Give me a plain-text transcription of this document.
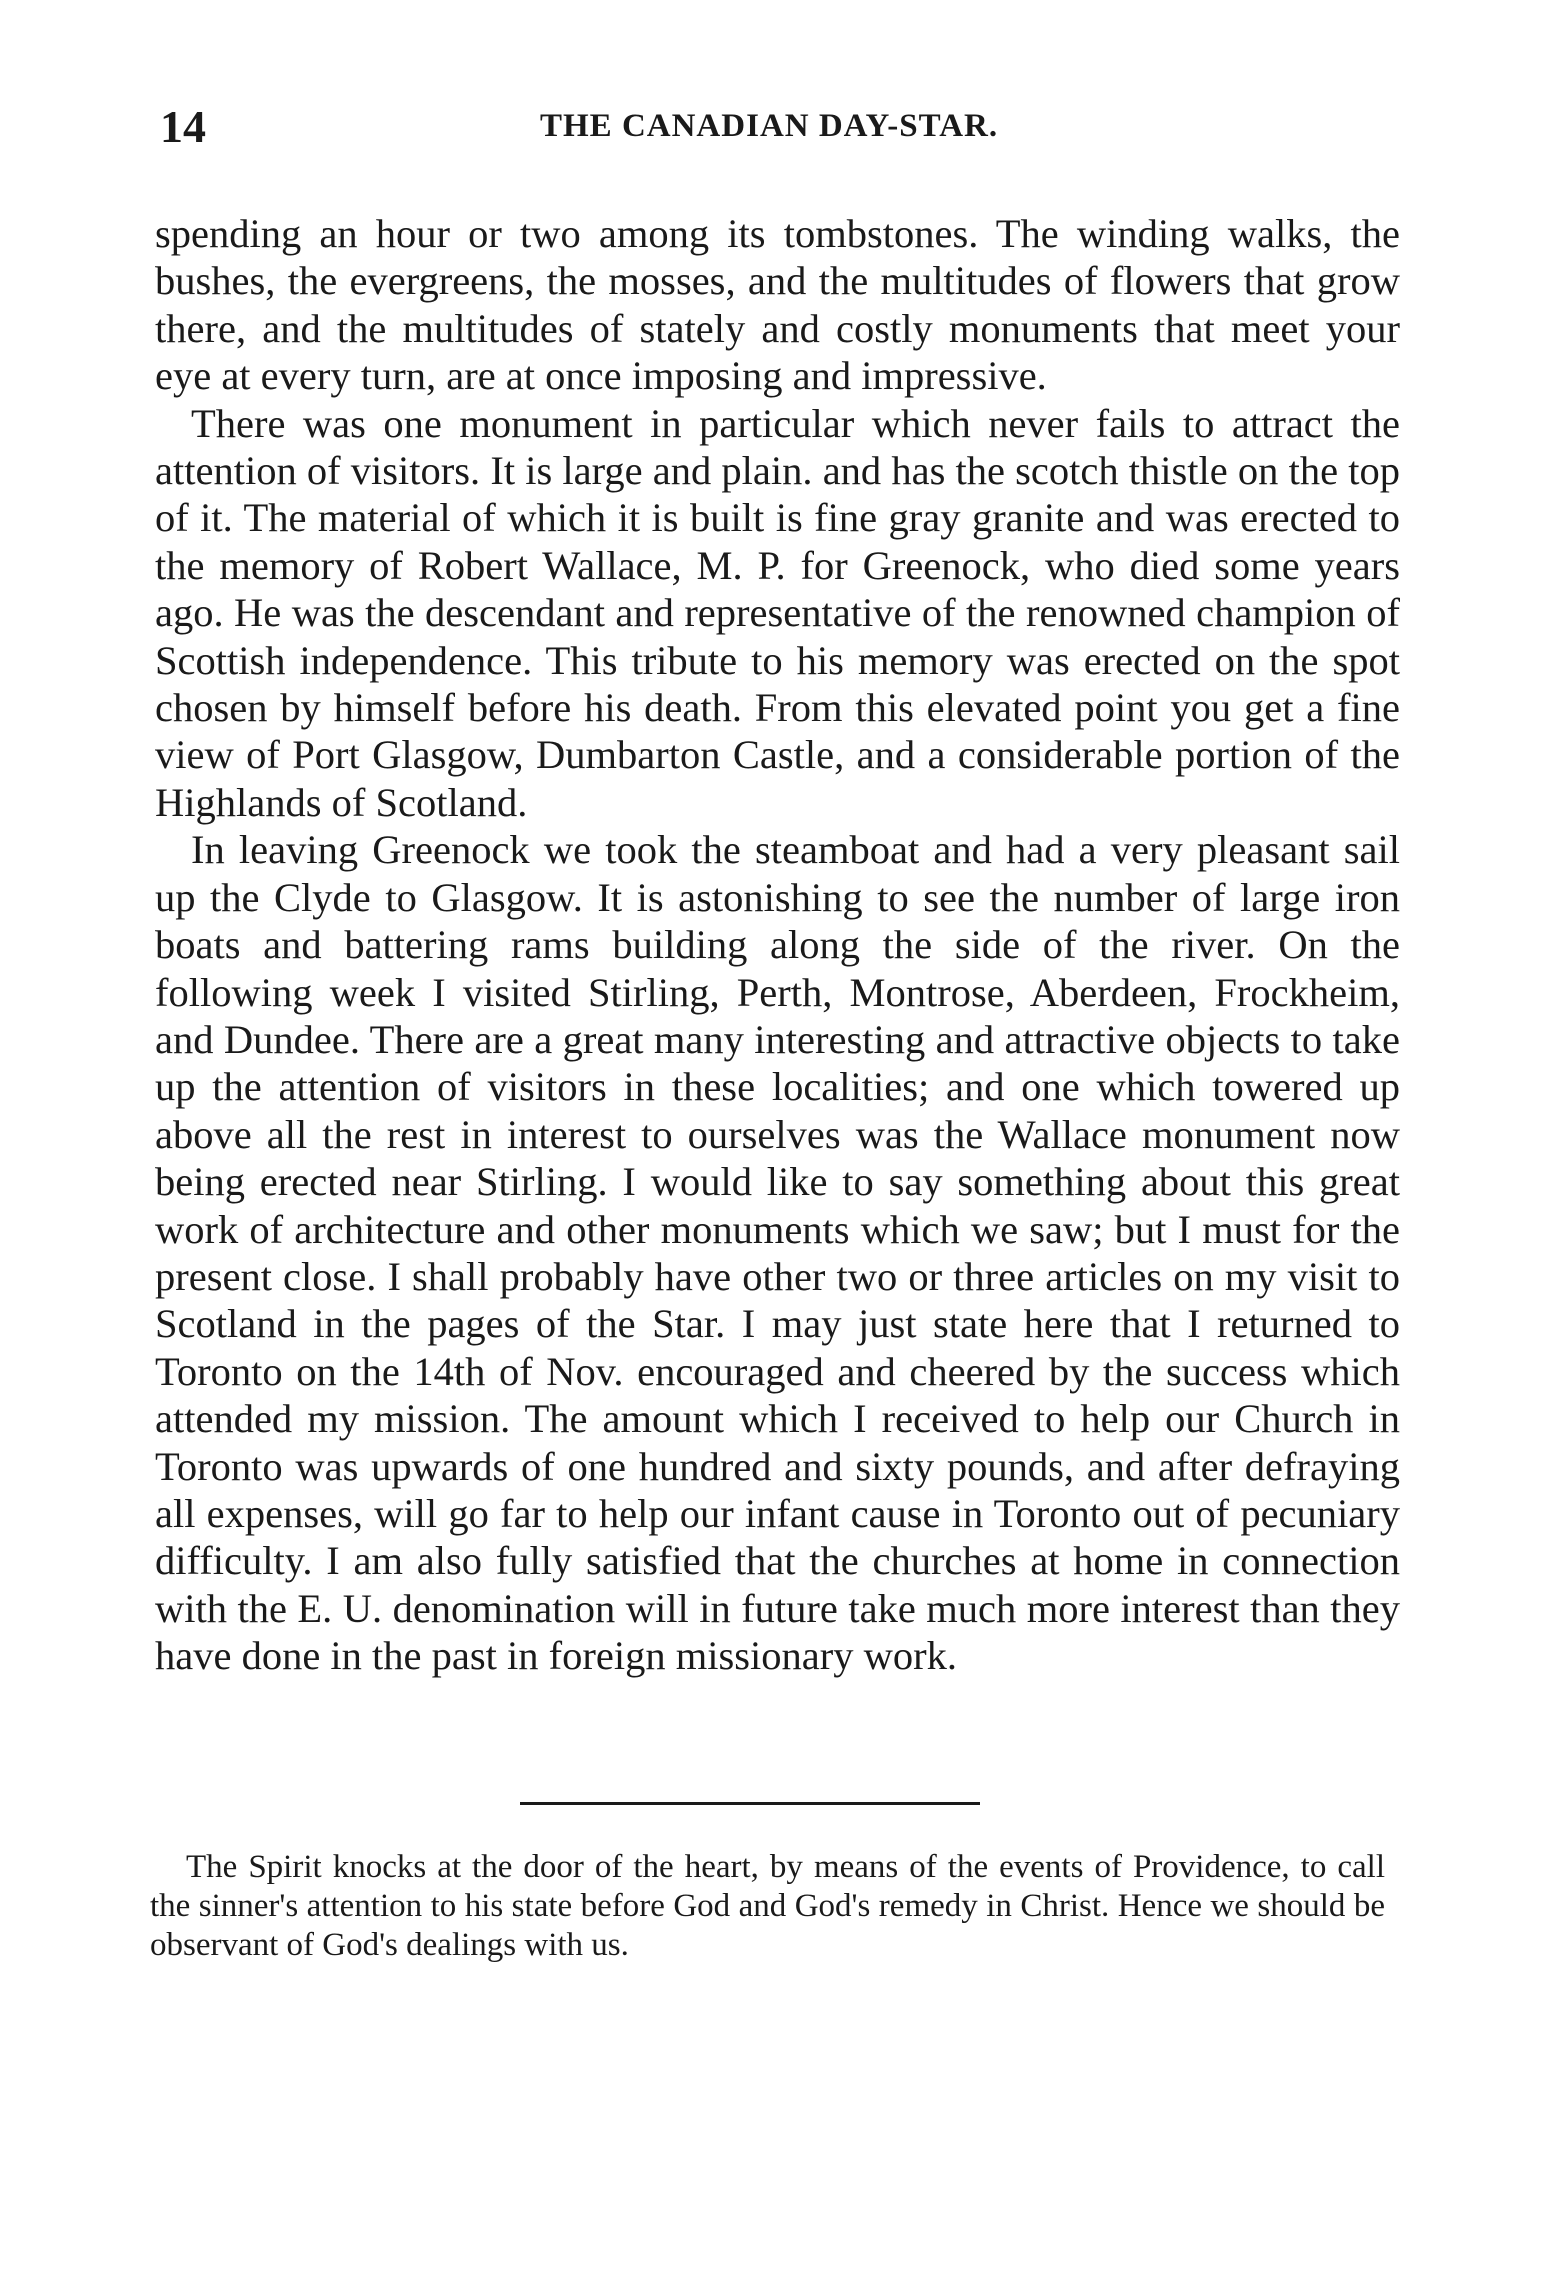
14	THE CANADIAN DAY-STAR.

spending an hour or two among its tombstones. The winding walks, the bushes, the evergreens, the mosses, and the multitudes of flowers that grow there, and the multitudes of stately and costly monuments that meet your eye at every turn, are at once imposing and impressive.

There was one monument in particular which never fails to attract the attention of visitors. It is large and plain. and has the scotch thistle on the top of it. The material of which it is built is fine gray granite and was erected to the memory of Robert Wallace, M. P. for Greenock, who died some years ago. He was the descendant and representative of the renowned champion of Scottish independence. This tribute to his memory was erected on the spot chosen by himself before his death. From this elevated point you get a fine view of Port Glasgow, Dumbarton Castle, and a considerable portion of the Highlands of Scotland.

In leaving Greenock we took the steamboat and had a very pleasant sail up the Clyde to Glasgow. It is astonishing to see the number of large iron boats and battering rams building along the side of the river. On the following week I visited Stirling, Perth, Montrose, Aberdeen, Frockheim, and Dundee. There are a great many interesting and attractive objects to take up the attention of visitors in these localities; and one which towered up above all the rest in interest to ourselves was the Wallace monument now being erected near Stirling. I would like to say something about this great work of architecture and other monuments which we saw; but I must for the present close. I shall probably have other two or three articles on my visit to Scotland in the pages of the Star. I may just state here that I returned to Toronto on the 14th of Nov. encouraged and cheered by the success which attended my mission. The amount which I received to help our Church in Toronto was upwards of one hundred and sixty pounds, and after defraying all expenses, will go far to help our infant cause in Toronto out of pecuniary difficulty. I am also fully satisfied that the churches at home in connection with the E. U. denomination will in future take much more interest than they have done in the past in foreign missionary work.

The Spirit knocks at the door of the heart, by means of the events of Providence, to call the sinner's attention to his state before God and God's remedy in Christ. Hence we should be observant of God's dealings with us.
